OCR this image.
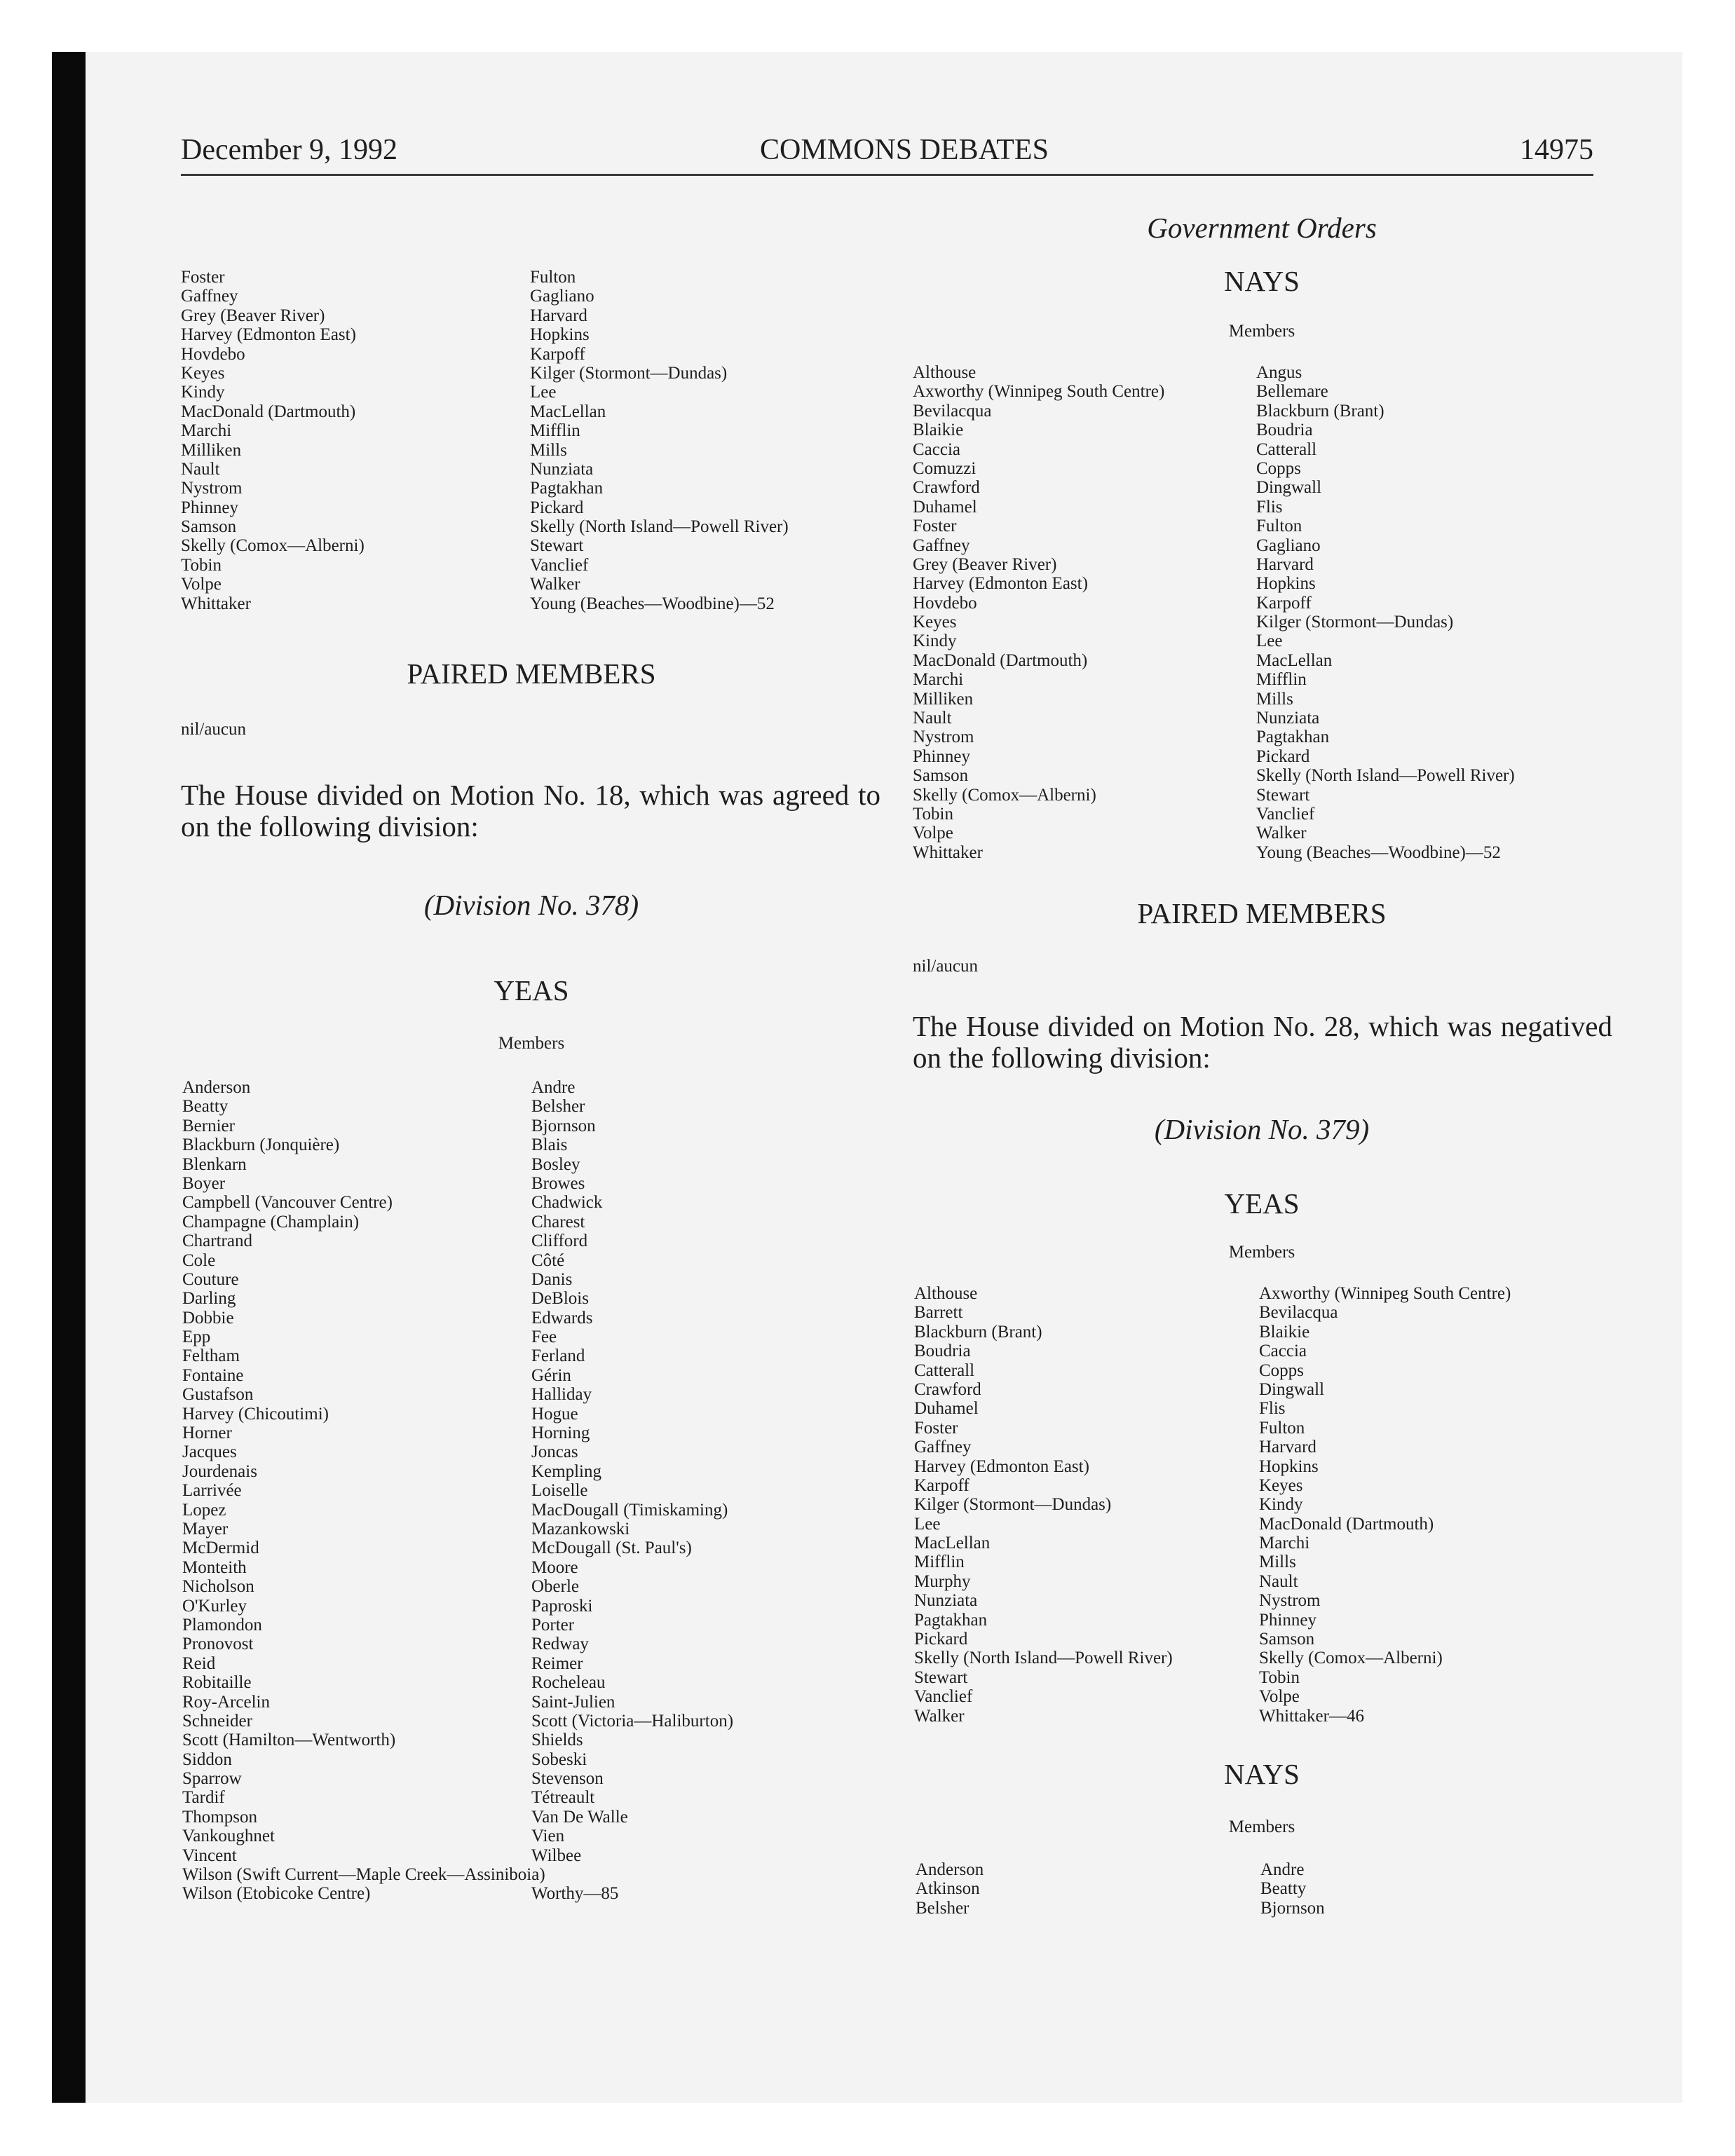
December 9, 1992	COMMONS DEBATES	14975
Government Orders
Foster
Gaffney
Grey (Beaver River)
Harvey (Edmonton East)
Hovdebo
Keyes
Kindy
MacDonald (Dartmouth)
Marchi
Milliken
Nault
Nystrom
Phinney
Samson
Skelly (Comox—Alberni)
Tobin
Volpe
Whittaker
Fulton
Gagliano
Harvard
Hopkins
Karpoff
Kilger (Stormont—Dundas)
Lee
MacLellan
Mifflin
Mills
Nunziata
Pagtakhan
Pickard
Skelly (North Island—Powell River)
Stewart
Vanclief
Walker
Young (Beaches—Woodbine)—52
PAIRED MEMBERS
nil/aucun
The House divided on Motion No. 18, which was agreed to on the following division:
(Division No. 378)
YEAS
Members
Anderson
Beatty
Bernier
Blackburn (Jonquière)
Blenkarn
Boyer
Campbell (Vancouver Centre)
Champagne (Champlain)
Chartrand
Cole
Couture
Darling
Dobbie
Epp
Feltham
Fontaine
Gustafson
Harvey (Chicoutimi)
Horner
Jacques
Jourdenais
Larrivée
Lopez
Mayer
McDermid
Monteith
Nicholson
O'Kurley
Plamondon
Pronovost
Reid
Robitaille
Roy-Arcelin
Schneider
Scott (Hamilton—Wentworth)
Siddon
Sparrow
Tardif
Thompson
Vankoughnet
Vincent
Wilson (Swift Current—Maple Creek—Assiniboia)
Wilson (Etobicoke Centre)
Andre
Belsher
Bjornson
Blais
Bosley
Browes
Chadwick
Charest
Clifford
Côté
Danis
DeBlois
Edwards
Fee
Ferland
Gérin
Halliday
Hogue
Horning
Joncas
Kempling
Loiselle
MacDougall (Timiskaming)
Mazankowski
McDougall (St. Paul's)
Moore
Oberle
Paproski
Porter
Redway
Reimer
Rocheleau
Saint-Julien
Scott (Victoria—Haliburton)
Shields
Sobeski
Stevenson
Tétreault
Van De Walle
Vien
Wilbee
Worthy—85
NAYS
Members
Althouse
Axworthy (Winnipeg South Centre)
Bevilacqua
Blaikie
Caccia
Comuzzi
Crawford
Duhamel
Foster
Gaffney
Grey (Beaver River)
Harvey (Edmonton East)
Hovdebo
Keyes
Kindy
MacDonald (Dartmouth)
Marchi
Milliken
Nault
Nystrom
Phinney
Samson
Skelly (Comox—Alberni)
Tobin
Volpe
Whittaker
Angus
Bellemare
Blackburn (Brant)
Boudria
Catterall
Copps
Dingwall
Flis
Fulton
Gagliano
Harvard
Hopkins
Karpoff
Kilger (Stormont—Dundas)
Lee
MacLellan
Mifflin
Mills
Nunziata
Pagtakhan
Pickard
Skelly (North Island—Powell River)
Stewart
Vanclief
Walker
Young (Beaches—Woodbine)—52
PAIRED MEMBERS
nil/aucun
The House divided on Motion No. 28, which was negatived on the following division:
(Division No. 379)
YEAS
Members
Althouse
Barrett
Blackburn (Brant)
Boudria
Catterall
Crawford
Duhamel
Foster
Gaffney
Harvey (Edmonton East)
Karpoff
Kilger (Stormont—Dundas)
Lee
MacLellan
Mifflin
Murphy
Nunziata
Pagtakhan
Pickard
Skelly (North Island—Powell River)
Stewart
Vanclief
Walker
Axworthy (Winnipeg South Centre)
Bevilacqua
Blaikie
Caccia
Copps
Dingwall
Flis
Fulton
Harvard
Hopkins
Keyes
Kindy
MacDonald (Dartmouth)
Marchi
Mills
Nault
Nystrom
Phinney
Samson
Skelly (Comox—Alberni)
Tobin
Volpe
Whittaker—46
NAYS
Members
Anderson
Atkinson
Belsher
Andre
Beatty
Bjornson
